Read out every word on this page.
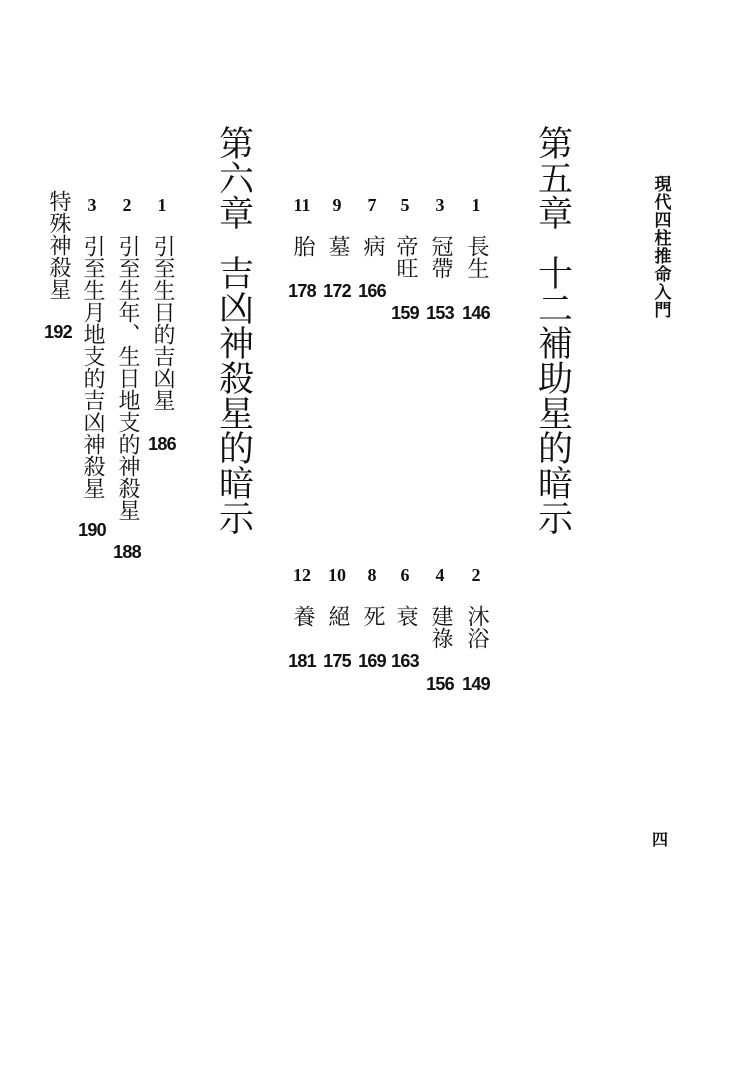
現代四柱推命入門
四
第五章
十二補助星的暗示
1
長生
146
3
冠帶
153
5
帝旺
159
7
病
166
9
墓
172
11
胎
178
2
沐浴
149
4
建祿
156
6
衰
163
8
死
169
10
絕
175
12
養
181
第六章
吉凶神殺星的暗示
1
引至生日的吉凶星
186
2
引至生年、生日地支的神殺星
188
3
引至生月地支的吉凶神殺星
190
特殊神殺星
192
